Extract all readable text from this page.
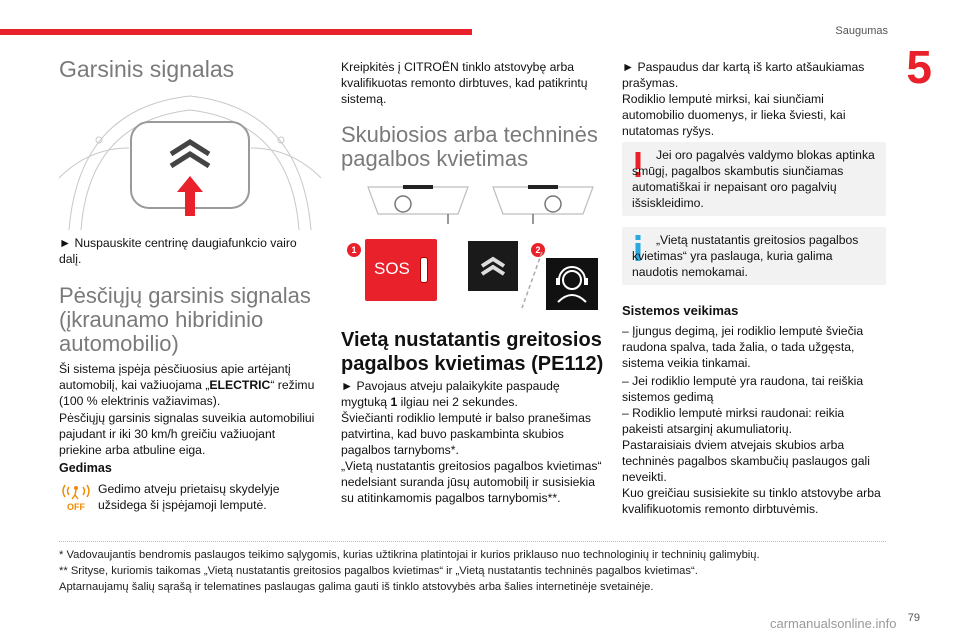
Saugumas
5
Garsinis signalas

► Nuspauskite centrinę daugiafunkcio vairo dalį.

Pėsčiųjų garsinis signalas (įkraunamo hibridinio automobilio)

Ši sistema įspėja pėsčiuosius apie artėjantį automobilį, kai važiuojama „ELECTRIC“ režimu (100 % elektrinis važiavimas).

Pėsčiųjų garsinis signalas suveikia automobiliui pajudant ir iki 30 km/h greičiu važiuojant priekine arba atbuline eiga.

Gedimas
OFF

Gedimo atveju prietaisų skydelyje užsidega ši įspėjamoji lemputė.

Kreipkitės į CITROËN tinklo atstovybę arba kvalifikuotas remonto dirbtuves, kad patikrintų sistemą.

Skubiosios arba techninės pagalbos kvietimas
1
SOS
2
Vietą nustatantis greitosios pagalbos kvietimas (PE112)

► Pavojaus atveju palaikykite paspaudę mygtuką 1 ilgiau nei 2 sekundes.

Šviečianti rodiklio lemputė ir balso pranešimas patvirtina, kad buvo paskambinta skubios pagalbos tarnyboms*.

„Vietą nustatantis greitosios pagalbos kvietimas“ nedelsiant suranda jūsų automobilį ir susisiekia su atitinkamomis pagalbos tarnybomis**.

► Paspaudus dar kartą iš karto atšaukiamas prašymas.

Rodiklio lemputė mirksi, kai siunčiami automobilio duomenys, ir lieka šviesti, kai nutatomas ryšys.

Jei oro pagalvės valdymo blokas aptinka smūgį, pagalbos skambutis siunčiamas automatiškai ir nepaisant oro pagalvių išsiskleidimo.

„Vietą nustatantis greitosios pagalbos kvietimas“ yra paslauga, kuria galima naudotis nemokamai.

Sistemos veikimas

– Įjungus degimą, jei rodiklio lemputė šviečia raudona spalva, tada žalia, o tada užgęsta, sistema veikia tinkamai.

– Jei rodiklio lemputė yra raudona, tai reiškia sistemos gedimą

– Rodiklio lemputė mirksi raudonai: reikia pakeisti atsarginį akumuliatorių.

Pastaraisiais dviem atvejais skubios arba techninės pagalbos skambučių paslaugos gali neveikti.

Kuo greičiau susisiekite su tinklo atstovybe arba kvalifikuotomis remonto dirbtuvėmis.

* Vadovaujantis bendromis paslaugos teikimo sąlygomis, kurias užtikrina platintojai ir kurios priklauso nuo technologinių ir techninių galimybių.

** Srityse, kuriomis taikomas „Vietą nustatantis greitosios pagalbos kvietimas“ ir „Vietą nustatantis techninės pagalbos kvietimas“.

Aptarnaujamų šalių sąrašą ir telematines paslaugas galima gauti iš tinklo atstovybės arba šalies internetinėje svetainėje.

carmanualsonline.info 79
